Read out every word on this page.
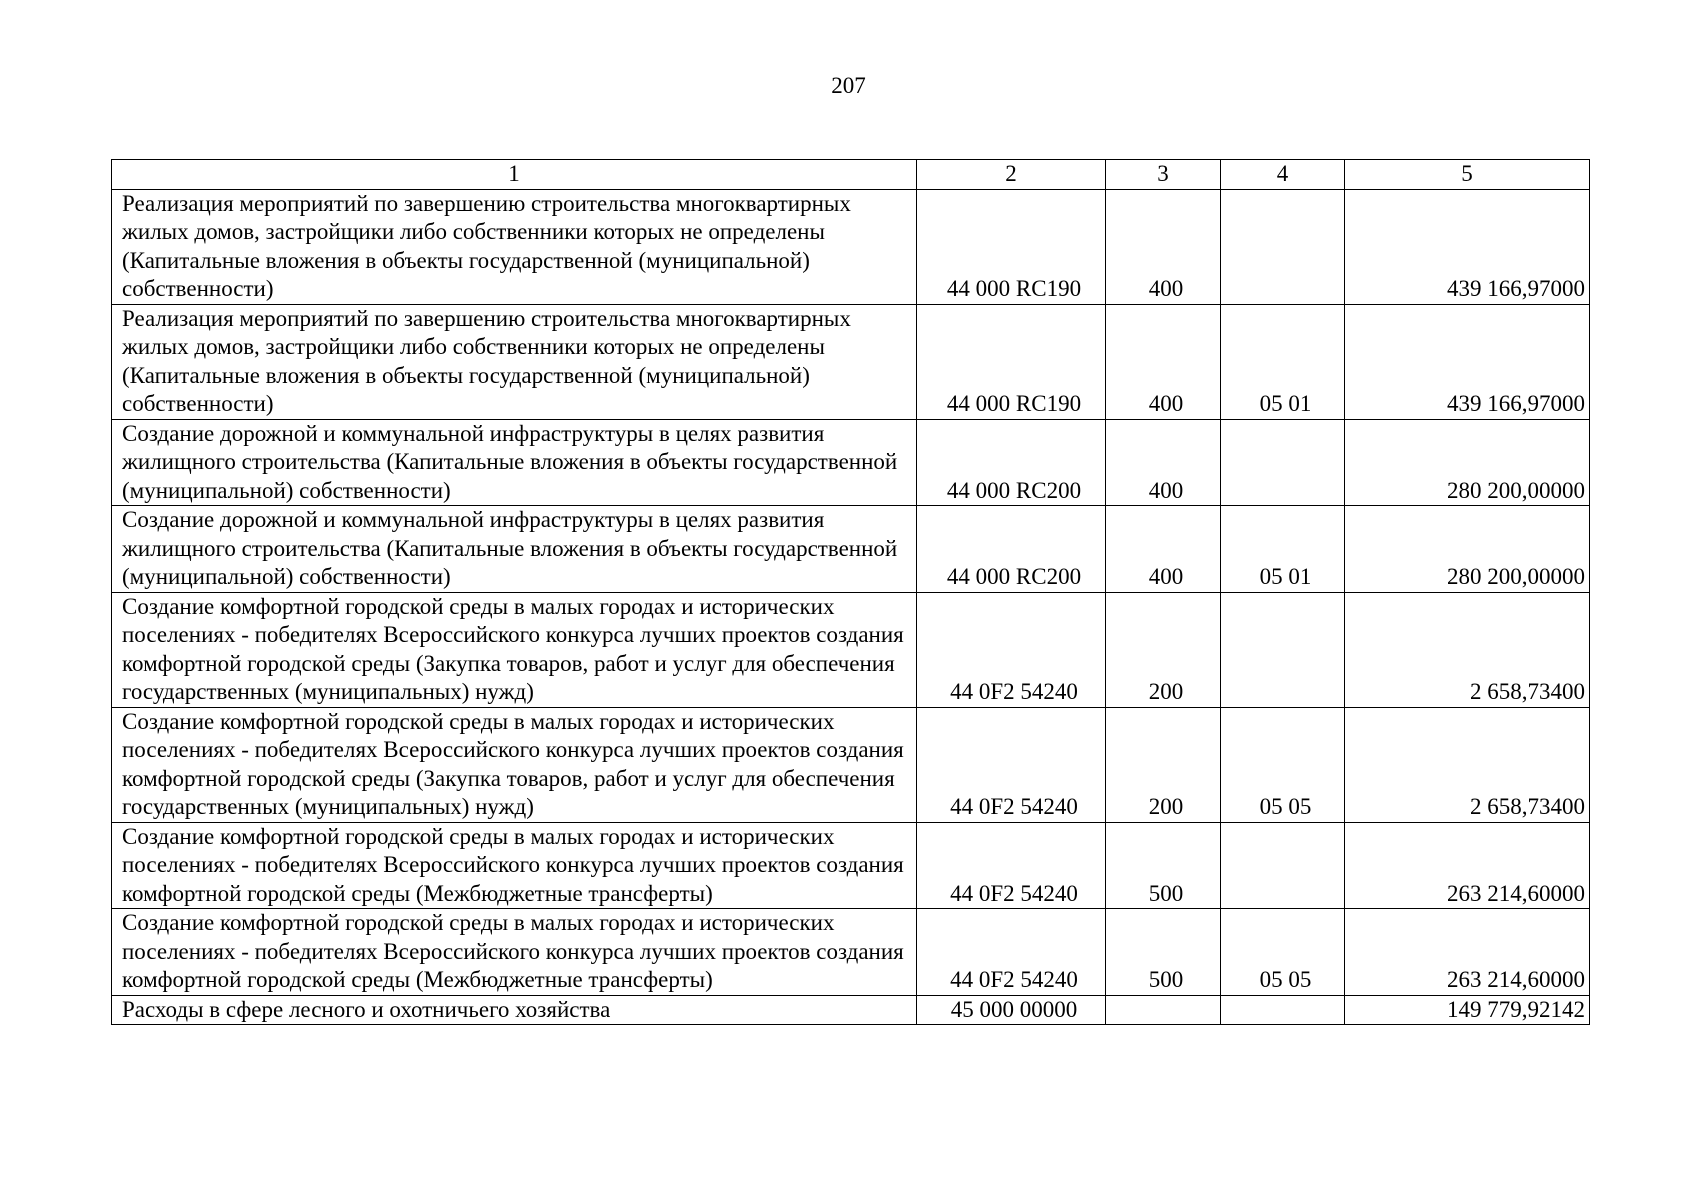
207
1	2	3	4	5
Реализация мероприятий по завершению строительства многоквартирных жилых домов, застройщики либо собственники которых не определены (Капитальные вложения в объекты государственной (муниципальной) собственности)	44 000 RC190	400		439 166,97000
Реализация мероприятий по завершению строительства многоквартирных жилых домов, застройщики либо собственники которых не определены (Капитальные вложения в объекты государственной (муниципальной) собственности)	44 000 RC190	400	05 01	439 166,97000
Создание дорожной и коммунальной инфраструктуры в целях развития жилищного строительства (Капитальные вложения в объекты государственной (муниципальной) собственности)	44 000 RC200	400		280 200,00000
Создание дорожной и коммунальной инфраструктуры в целях развития жилищного строительства (Капитальные вложения в объекты государственной (муниципальной) собственности)	44 000 RC200	400	05 01	280 200,00000
Создание комфортной городской среды в малых городах и исторических поселениях - победителях Всероссийского конкурса лучших проектов создания комфортной городской среды (Закупка товаров, работ и услуг для обеспечения государственных (муниципальных) нужд)	44 0F2 54240	200		2 658,73400
Создание комфортной городской среды в малых городах и исторических поселениях - победителях Всероссийского конкурса лучших проектов создания комфортной городской среды (Закупка товаров, работ и услуг для обеспечения государственных (муниципальных) нужд)	44 0F2 54240	200	05 05	2 658,73400
Создание комфортной городской среды в малых городах и исторических поселениях - победителях Всероссийского конкурса лучших проектов создания комфортной городской среды (Межбюджетные трансферты)	44 0F2 54240	500		263 214,60000
Создание комфортной городской среды в малых городах и исторических поселениях - победителях Всероссийского конкурса лучших проектов создания комфортной городской среды (Межбюджетные трансферты)	44 0F2 54240	500	05 05	263 214,60000
Расходы в сфере лесного и охотничьего хозяйства	45 000 00000			149 779,92142
